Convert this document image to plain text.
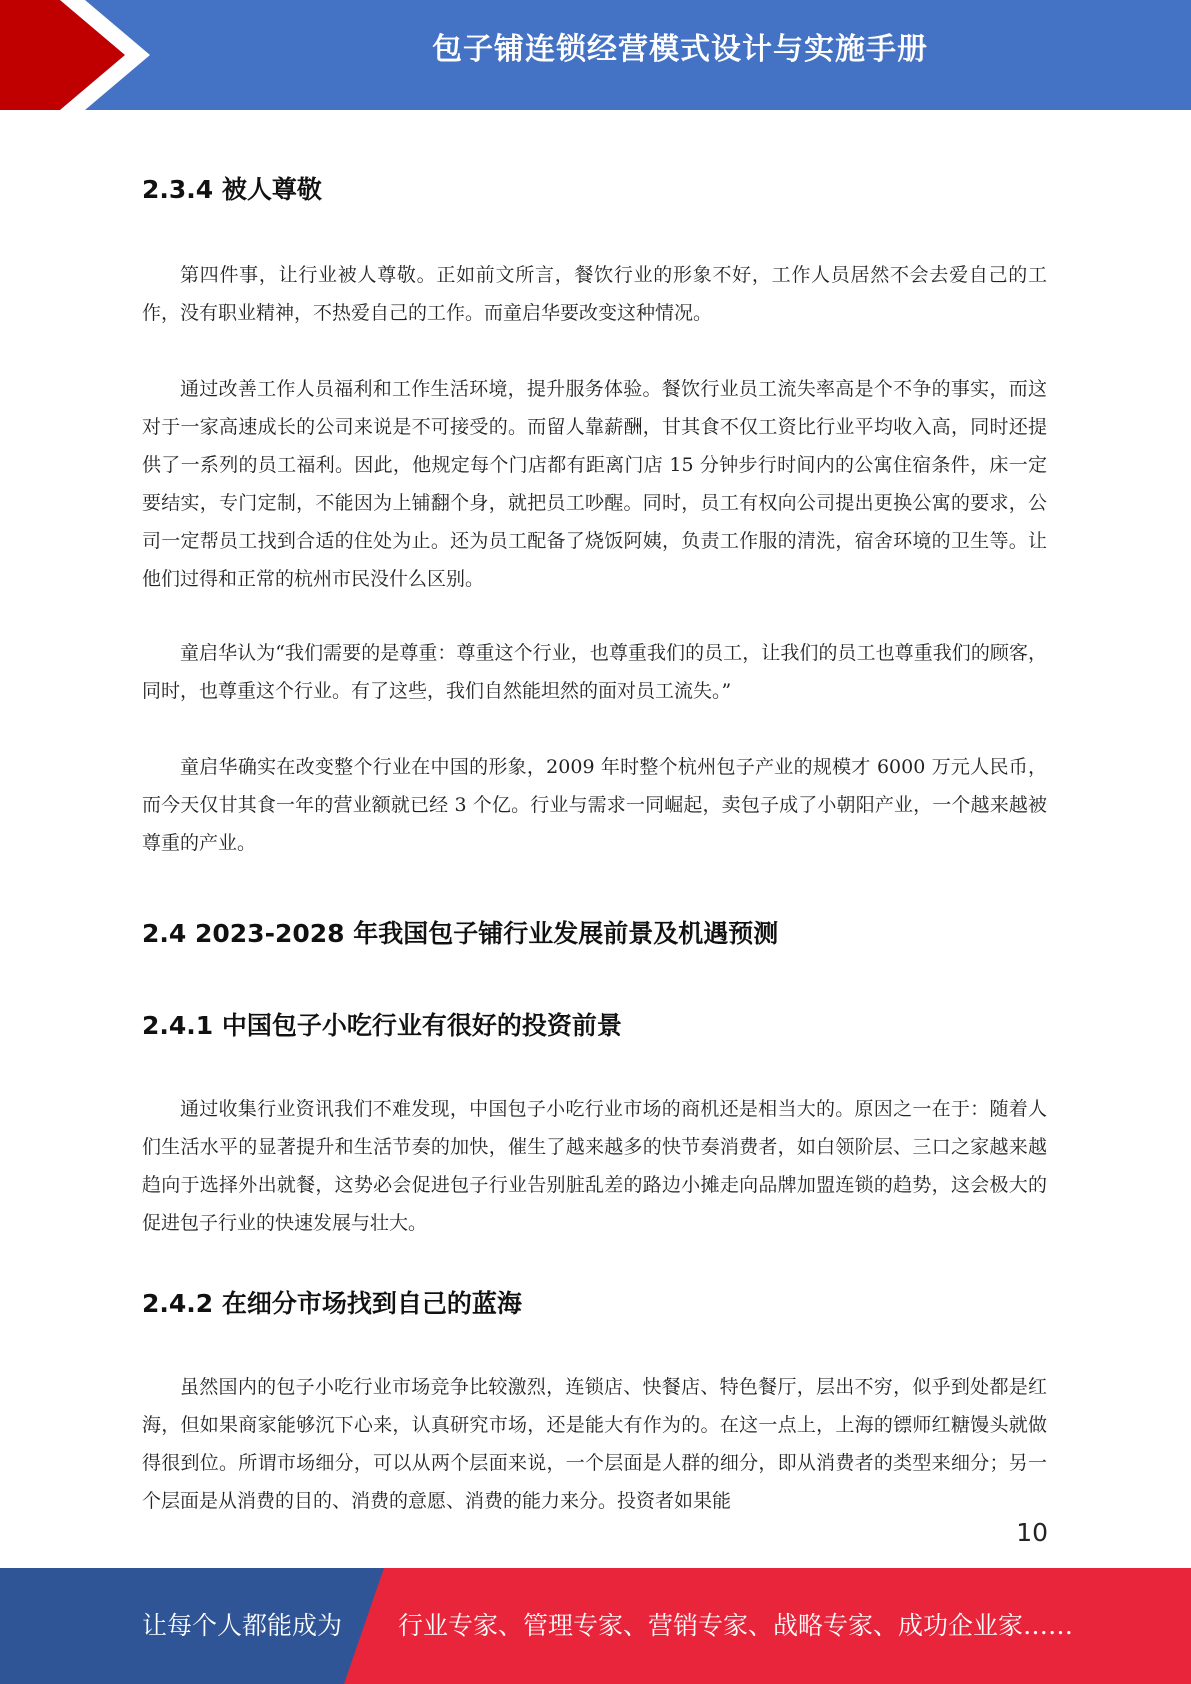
包子铺连锁经营模式设计与实施手册
2.3.4 被人尊敬

第四件事，让行业被人尊敬。正如前文所言，餐饮行业的形象不好，工作人员居然不会去爱自己的工作，没有职业精神，不热爱自己的工作。而童启华要改变这种情况。

通过改善工作人员福利和工作生活环境，提升服务体验。餐饮行业员工流失率高是个不争的事实，而这对于一家高速成长的公司来说是不可接受的。而留人靠薪酬，甘其食不仅工资比行业平均收入高，同时还提供了一系列的员工福利。因此，他规定每个门店都有距离门店 15 分钟步行时间内的公寓住宿条件，床一定要结实，专门定制，不能因为上铺翻个身，就把员工吵醒。同时，员工有权向公司提出更换公寓的要求，公司一定帮员工找到合适的住处为止。还为员工配备了烧饭阿姨，负责工作服的清洗，宿舍环境的卫生等。让他们过得和正常的杭州市民没什么区别。

童启华认为“我们需要的是尊重：尊重这个行业，也尊重我们的员工，让我们的员工也尊重我们的顾客，同时，也尊重这个行业。有了这些，我们自然能坦然的面对员工流失。”

童启华确实在改变整个行业在中国的形象，2009 年时整个杭州包子产业的规模才 6000 万元人民币，而今天仅甘其食一年的营业额就已经 3 个亿。行业与需求一同崛起，卖包子成了小朝阳产业，一个越来越被尊重的产业。

2.4 2023-2028 年我国包子铺行业发展前景及机遇预测
2.4.1 中国包子小吃行业有很好的投资前景

通过收集行业资讯我们不难发现，中国包子小吃行业市场的商机还是相当大的。原因之一在于：随着人们生活水平的显著提升和生活节奏的加快，催生了越来越多的快节奏消费者，如白领阶层、三口之家越来越趋向于选择外出就餐，这势必会促进包子行业告别脏乱差的路边小摊走向品牌加盟连锁的趋势，这会极大的促进包子行业的快速发展与壮大。

2.4.2 在细分市场找到自己的蓝海

虽然国内的包子小吃行业市场竞争比较激烈，连锁店、快餐店、特色餐厅，层出不穷，似乎到处都是红海，但如果商家能够沉下心来，认真研究市场，还是能大有作为的。在这一点上，上海的镖师红糖馒头就做得很到位。所谓市场细分，可以从两个层面来说，一个层面是人群的细分，即从消费者的类型来细分；另一个层面是从消费的目的、消费的意愿、消费的能力来分。投资者如果能

10
让每个人都能成为 行业专家、管理专家、营销专家、战略专家、成功企业家……
